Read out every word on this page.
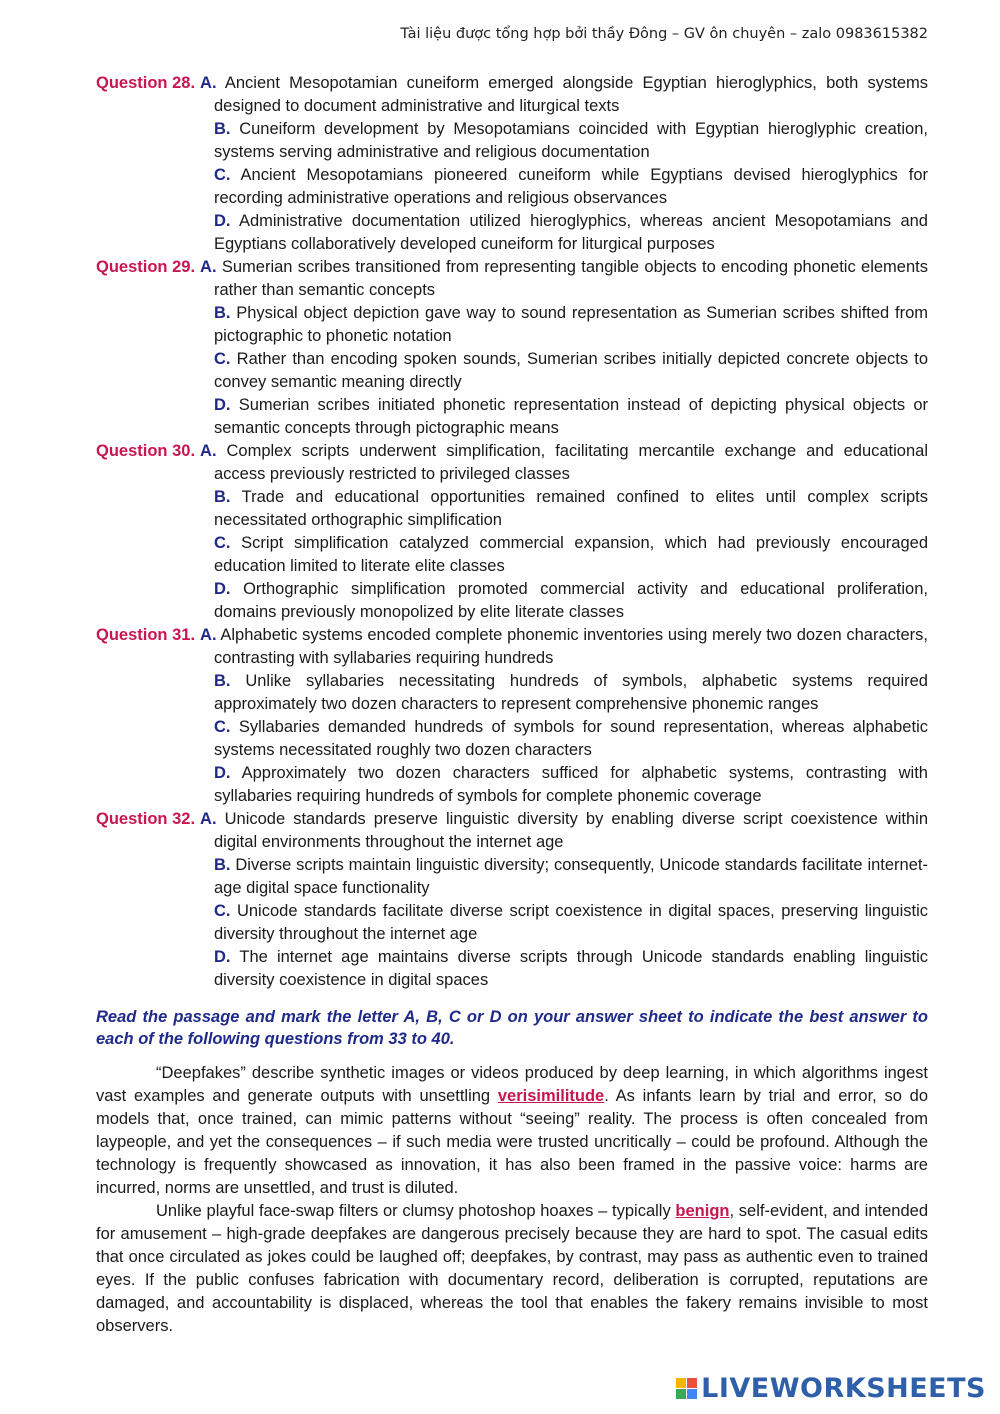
Tài liệu được tổng hợp bởi thầy Đông – GV ôn chuyên – zalo 0983615382
Question 28. A. Ancient Mesopotamian cuneiform emerged alongside Egyptian hieroglyphics, both systems designed to document administrative and liturgical texts
B. Cuneiform development by Mesopotamians coincided with Egyptian hieroglyphic creation, systems serving administrative and religious documentation
C. Ancient Mesopotamians pioneered cuneiform while Egyptians devised hieroglyphics for recording administrative operations and religious observances
D. Administrative documentation utilized hieroglyphics, whereas ancient Mesopotamians and Egyptians collaboratively developed cuneiform for liturgical purposes
Question 29. A. Sumerian scribes transitioned from representing tangible objects to encoding phonetic elements rather than semantic concepts
B. Physical object depiction gave way to sound representation as Sumerian scribes shifted from pictographic to phonetic notation
C. Rather than encoding spoken sounds, Sumerian scribes initially depicted concrete objects to convey semantic meaning directly
D. Sumerian scribes initiated phonetic representation instead of depicting physical objects or semantic concepts through pictographic means
Question 30. A. Complex scripts underwent simplification, facilitating mercantile exchange and educational access previously restricted to privileged classes
B. Trade and educational opportunities remained confined to elites until complex scripts necessitated orthographic simplification
C. Script simplification catalyzed commercial expansion, which had previously encouraged education limited to literate elite classes
D. Orthographic simplification promoted commercial activity and educational proliferation, domains previously monopolized by elite literate classes
Question 31. A. Alphabetic systems encoded complete phonemic inventories using merely two dozen characters, contrasting with syllabaries requiring hundreds
B. Unlike syllabaries necessitating hundreds of symbols, alphabetic systems required approximately two dozen characters to represent comprehensive phonemic ranges
C. Syllabaries demanded hundreds of symbols for sound representation, whereas alphabetic systems necessitated roughly two dozen characters
D. Approximately two dozen characters sufficed for alphabetic systems, contrasting with syllabaries requiring hundreds of symbols for complete phonemic coverage
Question 32. A. Unicode standards preserve linguistic diversity by enabling diverse script coexistence within digital environments throughout the internet age
B. Diverse scripts maintain linguistic diversity; consequently, Unicode standards facilitate internet-age digital space functionality
C. Unicode standards facilitate diverse script coexistence in digital spaces, preserving linguistic diversity throughout the internet age
D. The internet age maintains diverse scripts through Unicode standards enabling linguistic diversity coexistence in digital spaces
Read the passage and mark the letter A, B, C or D on your answer sheet to indicate the best answer to each of the following questions from 33 to 40.
“Deepfakes” describe synthetic images or videos produced by deep learning, in which algorithms ingest vast examples and generate outputs with unsettling verisimilitude. As infants learn by trial and error, so do models that, once trained, can mimic patterns without “seeing” reality. The process is often concealed from laypeople, and yet the consequences – if such media were trusted uncritically – could be profound. Although the technology is frequently showcased as innovation, it has also been framed in the passive voice: harms are incurred, norms are unsettled, and trust is diluted.
Unlike playful face-swap filters or clumsy photoshop hoaxes – typically benign, self-evident, and intended for amusement – high-grade deepfakes are dangerous precisely because they are hard to spot. The casual edits that once circulated as jokes could be laughed off; deepfakes, by contrast, may pass as authentic even to trained eyes. If the public confuses fabrication with documentary record, deliberation is corrupted, reputations are damaged, and accountability is displaced, whereas the tool that enables the fakery remains invisible to most observers.
LIVEWORKSHEETS
